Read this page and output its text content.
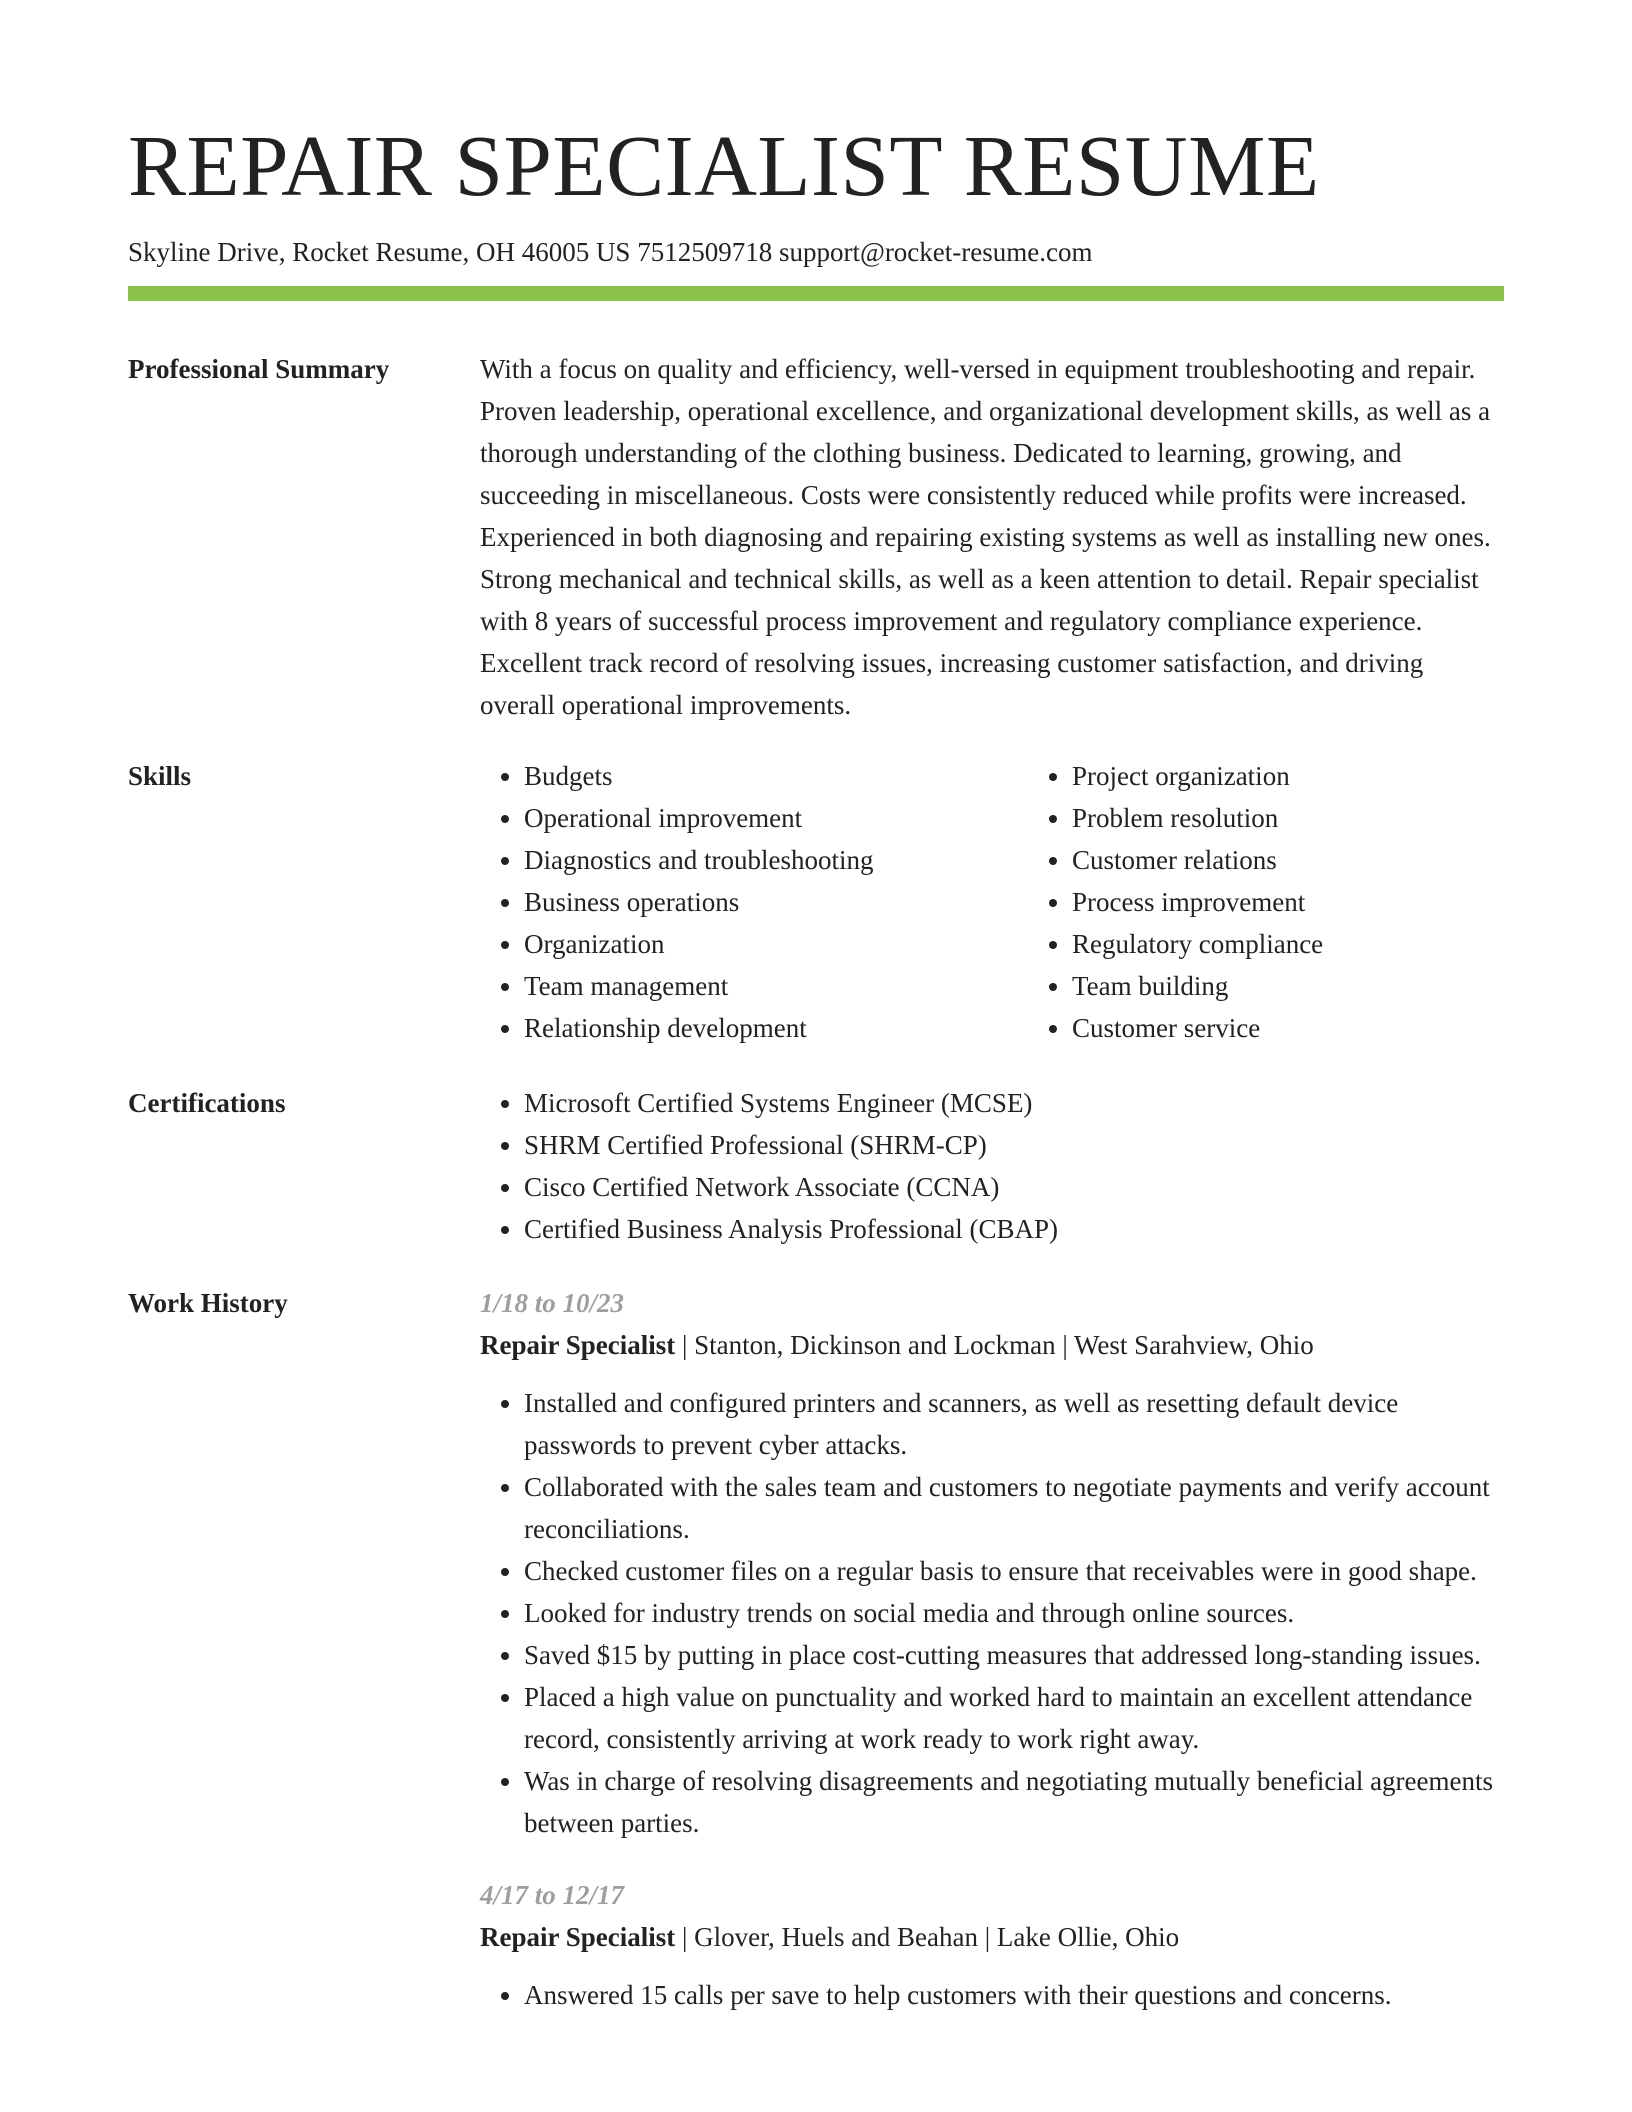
REPAIR SPECIALIST RESUME
Skyline Drive, Rocket Resume, OH 46005 US 7512509718 support@rocket-resume.com
Professional Summary	With a focus on quality and efficiency, well-versed in equipment troubleshooting and repair. Proven leadership, operational excellence, and organizational development skills, as well as a thorough understanding of the clothing business. Dedicated to learning, growing, and succeeding in miscellaneous. Costs were consistently reduced while profits were increased. Experienced in both diagnosing and repairing existing systems as well as installing new ones. Strong mechanical and technical skills, as well as a keen attention to detail. Repair specialist with 8 years of successful process improvement and regulatory compliance experience. Excellent track record of resolving issues, increasing customer satisfaction, and driving overall operational improvements.

Skills	• Budgets
• Operational improvement
• Diagnostics and troubleshooting
• Business operations
• Organization
• Team management
• Relationship development
• Project organization
• Problem resolution
• Customer relations
• Process improvement
• Regulatory compliance
• Team building
• Customer service
Certifications	• Microsoft Certified Systems Engineer (MCSE)
• SHRM Certified Professional (SHRM-CP)
• Cisco Certified Network Associate (CCNA)
• Certified Business Analysis Professional (CBAP)
Work History	1/18 to 10/23
Repair Specialist | Stanton, Dickinson and Lockman | West Sarahview, Ohio
• Installed and configured printers and scanners, as well as resetting default device passwords to prevent cyber attacks.
• Collaborated with the sales team and customers to negotiate payments and verify account reconciliations.
• Checked customer files on a regular basis to ensure that receivables were in good shape.
• Looked for industry trends on social media and through online sources.
• Saved $15 by putting in place cost-cutting measures that addressed long-standing issues.
• Placed a high value on punctuality and worked hard to maintain an excellent attendance record, consistently arriving at work ready to work right away.
• Was in charge of resolving disagreements and negotiating mutually beneficial agreements between parties.
4/17 to 12/17
Repair Specialist | Glover, Huels and Beahan | Lake Ollie, Ohio
• Answered 15 calls per save to help customers with their questions and concerns.
